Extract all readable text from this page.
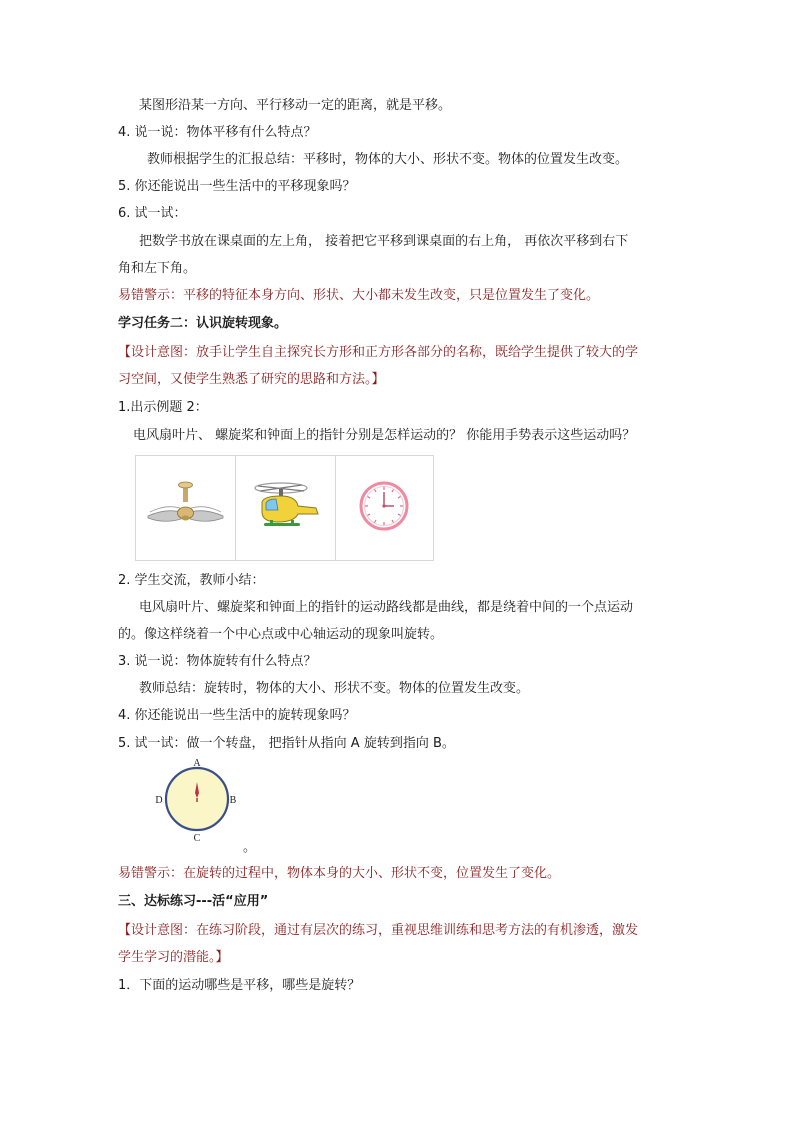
某图形沿某一方向、平行移动一定的距离，就是平移。
4. 说一说：物体平移有什么特点？
教师根据学生的汇报总结：平移时，物体的大小、形状不变。物体的位置发生改变。
5. 你还能说出一些生活中的平移现象吗？
6. 试一试：
把数学书放在课桌面的左上角， 接着把它平移到课桌面的右上角， 再依次平移到右下
角和左下角。
易错警示：平移的特征本身方向、形状、大小都未发生改变，只是位置发生了变化。
学习任务二：认识旋转现象。
【设计意图：放手让学生自主探究长方形和正方形各部分的名称，既给学生提供了较大的学
习空间，又使学生熟悉了研究的思路和方法。】
1.出示例题 2：
电风扇叶片、 螺旋桨和钟面上的指针分别是怎样运动的？ 你能用手势表示这些运动吗？
2. 学生交流，教师小结：
电风扇叶片、螺旋桨和钟面上的指针的运动路线都是曲线，都是绕着中间的一个点运动
的。像这样绕着一个中心点或中心轴运动的现象叫旋转。
3. 说一说：物体旋转有什么特点？
教师总结：旋转时，物体的大小、形状不变。物体的位置发生改变。
4. 你还能说出一些生活中的旋转现象吗？
5. 试一试：做一个转盘， 把指针从指向 A 旋转到指向 B。
A
B
C
D
。
易错警示：在旋转的过程中，物体本身的大小、形状不变，位置发生了变化。
三、达标练习---活“应用”
【设计意图：在练习阶段，通过有层次的练习，重视思维训练和思考方法的有机渗透，激发
学生学习的潜能。】
1．下面的运动哪些是平移，哪些是旋转？
